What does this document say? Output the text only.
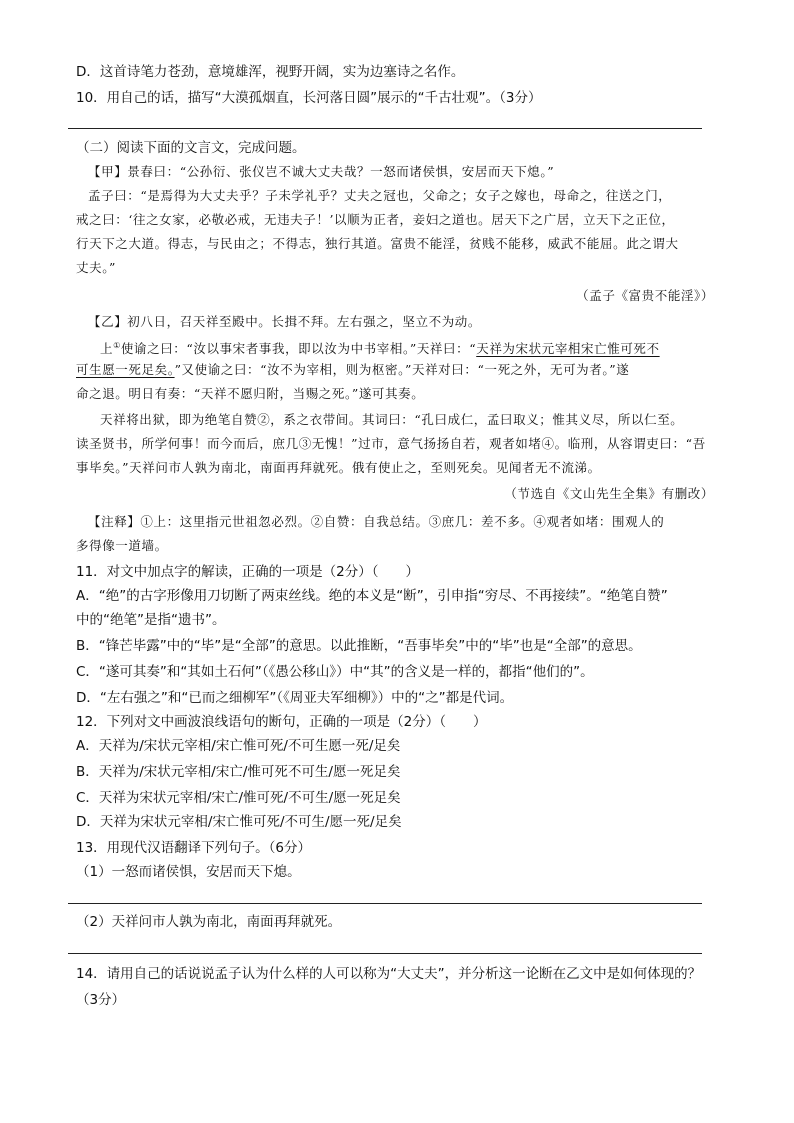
D．这首诗笔力苍劲，意境雄浑，视野开阔，实为边塞诗之名作。
10．用自己的话，描写“大漠孤烟直，长河落日圆”展示的“千古壮观”。（3分）
（二）阅读下面的文言文，完成问题。
【甲】景春曰：“公孙衍、张仪岂不诚大丈夫哉？一怒而诸侯惧，安居而天下熄。”
孟子曰：“是焉得为大丈夫乎？子未学礼乎？丈夫之冠也，父命之；女子之嫁也，母命之，往送之门，
戒之曰：‘往之女家，必敬必戒，无违夫子！’以顺为正者，妾妇之道也。居天下之广居，立天下之正位，
行天下之大道。得志，与民由之；不得志，独行其道。富贵不能淫，贫贱不能移，威武不能屈。此之谓大
丈夫。”
（孟子《富贵不能淫》）
【乙】初八日，召天祥至殿中。长揖不拜。左右强之，坚立不为动。
上①使谕之曰：“汝以事宋者事我，即以汝为中书宰相。”天祥曰：“天祥为宋状元宰相宋亡惟可死不
可生愿一死足矣。”又使谕之曰：“汝不为宰相，则为枢密。”天祥对曰：“一死之外，无可为者。”遂
命之退。明日有奏：“天祥不愿归附，当赐之死。”遂可其奏。
天祥将出狱，即为绝笔自赞②，系之衣带间。其词曰：“孔曰成仁，孟曰取义；惟其义尽，所以仁至。
读圣贤书，所学何事！而今而后，庶几③无愧！”过市，意气扬扬自若，观者如堵④。临刑，从容谓吏曰：“吾
事毕矣。”天祥问市人孰为南北，南面再拜就死。俄有使止之，至则死矣。见闻者无不流涕。
（节选自《文山先生全集》有删改）
【注释】①上：这里指元世祖忽必烈。②自赞：自我总结。③庶几：差不多。④观者如堵：围观人的
多得像一道墙。
11．对文中加点字的解读，正确的一项是（2分）（　　）
A．“绝”的古字形像用刀切断了两束丝线。绝的本义是“断”，引申指“穷尽、不再接续”。“绝笔自赞”
中的“绝笔”是指“遗书”。
B．“锋芒毕露”中的“毕”是“全部”的意思。以此推断，“吾事毕矣”中的“毕”也是“全部”的意思。
C．“遂可其奏”和“其如土石何”（《愚公移山》）中“其”的含义是一样的，都指“他们的”。
D．“左右强之”和“已而之细柳军”（《周亚夫军细柳》）中的“之”都是代词。
12．下列对文中画波浪线语句的断句，正确的一项是（2分）（　　）
A．天祥为/宋状元宰相/宋亡惟可死/不可生愿一死/足矣
B．天祥为/宋状元宰相/宋亡/惟可死不可生/愿一死足矣
C．天祥为宋状元宰相/宋亡/惟可死/不可生/愿一死足矣
D．天祥为宋状元宰相/宋亡惟可死/不可生/愿一死/足矣
13．用现代汉语翻译下列句子。（6分）
（1）一怒而诸侯惧，安居而天下熄。
（2）天祥问市人孰为南北，南面再拜就死。
14．请用自己的话说说孟子认为什么样的人可以称为“大丈夫”，并分析这一论断在乙文中是如何体现的？
（3分）
